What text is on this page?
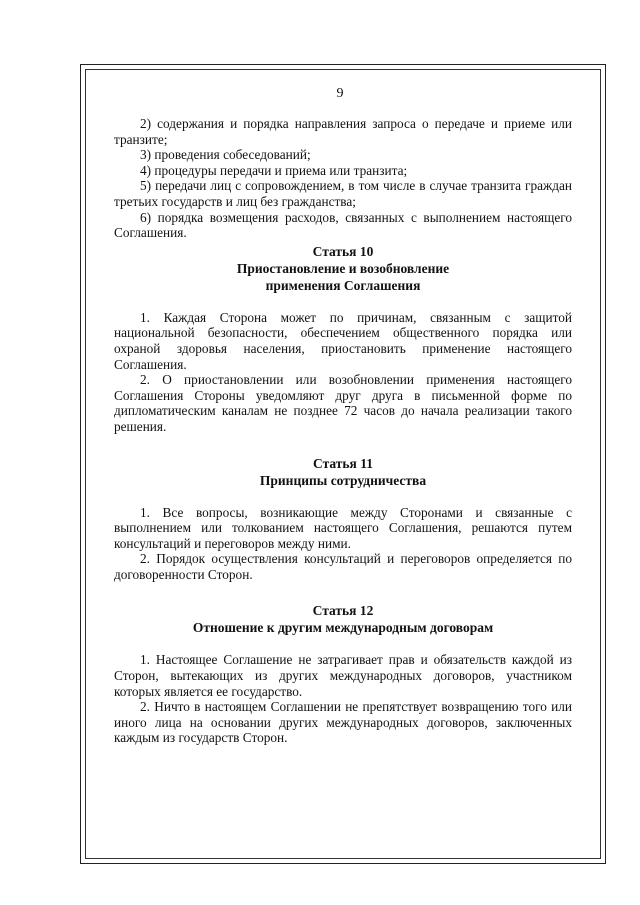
9

2) содержания и порядка направления запроса о передаче и приеме или транзите;

3) проведения собеседований;

4) процедуры передачи и приема или транзита;

5) передачи лиц с сопровождением, в том числе в случае транзита граждан третьих государств и лиц без гражданства;

6) порядка возмещения расходов, связанных с выполнением настоящего Соглашения.

Статья 10

Приостановление и возобновление

применения Соглашения

1. Каждая Сторона может по причинам, связанным с защитой национальной безопасности, обеспечением общественного порядка или охраной здоровья населения, приостановить применение настоящего Соглашения.

2. О приостановлении или возобновлении применения настоящего Соглашения Стороны уведомляют друг друга в письменной форме по дипломатическим каналам не позднее 72 часов до начала реализации такого решения.

Статья 11

Принципы сотрудничества

1. Все вопросы, возникающие между Сторонами и связанные с выполнением или толкованием настоящего Соглашения, решаются путем консультаций и переговоров между ними.

2. Порядок осуществления консультаций и переговоров определяется по договоренности Сторон.

Статья 12

Отношение к другим международным договорам

1. Настоящее Соглашение не затрагивает прав и обязательств каждой из Сторон, вытекающих из других международных договоров, участником которых является ее государство.

2. Ничто в настоящем Соглашении не препятствует возвращению того или иного лица на основании других международных договоров, заключенных каждым из государств Сторон.
